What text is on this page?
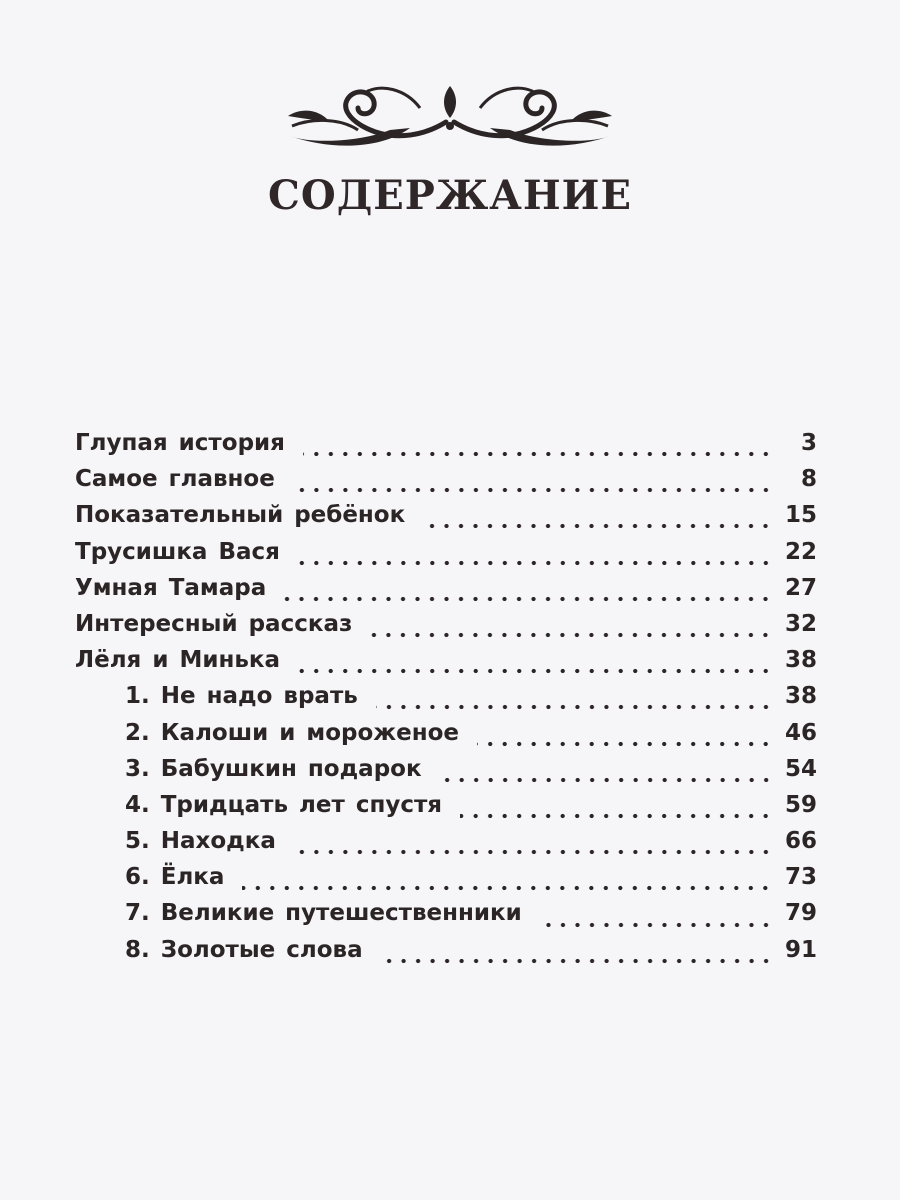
СОДЕРЖАНИЕ
Глупая история	3
Самое главное	8
Показательный ребёнок	15
Трусишка Вася	22
Умная Тамара	27
Интересный рассказ	32
Лёля и Минька	38
1. Не надо врать	38
2. Калоши и мороженое	46
3. Бабушкин подарок	54
4. Тридцать лет спустя	59
5. Находка	66
6. Ёлка	73
7. Великие путешественники	79
8. Золотые слова	91
